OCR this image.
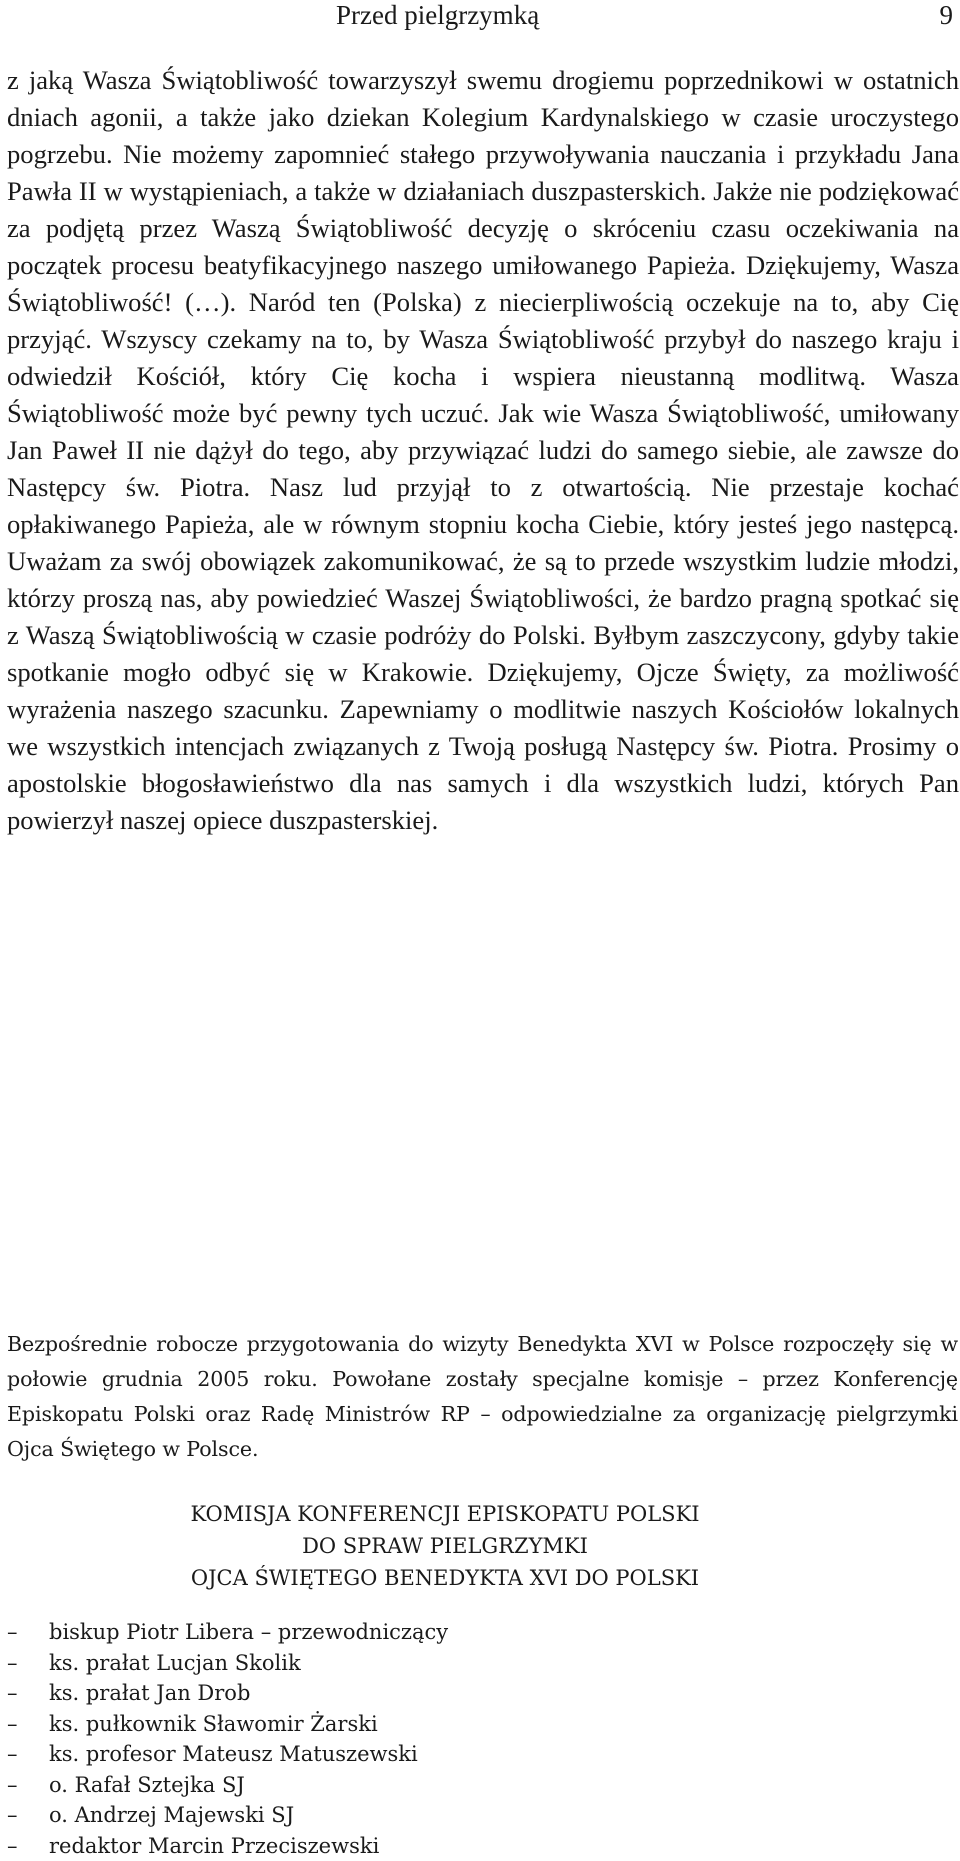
Przed pielgrzymką	9

z jaką Wasza Świątobliwość towarzyszył swemu drogiemu poprzednikowi w ostatnich dniach agonii, a także jako dziekan Kolegium Kardynalskiego w czasie uroczystego pogrzebu. Nie możemy zapomnieć stałego przywoływania nauczania i przykładu Jana Pawła II w wystąpieniach, a także w działaniach duszpasterskich. Jakże nie podziękować za podjętą przez Waszą Świątobliwość decyzję o skróceniu czasu oczekiwania na początek procesu beatyfikacyjnego naszego umiłowanego Papieża. Dziękujemy, Wasza Świątobliwość! (…). Naród ten (Polska) z niecierpliwością oczekuje na to, aby Cię przyjąć. Wszyscy czekamy na to, by Wasza Świątobliwość przybył do naszego kraju i odwiedził Kościół, który Cię kocha i wspiera nieustanną modlitwą. Wasza Świątobliwość może być pewny tych uczuć. Jak wie Wasza Świątobliwość, umiłowany Jan Paweł II nie dążył do tego, aby przywiązać ludzi do samego siebie, ale zawsze do Następcy św. Piotra. Nasz lud przyjął to z otwartością. Nie przestaje kochać opłakiwanego Papieża, ale w równym stopniu kocha Ciebie, który jesteś jego następcą. Uważam za swój obowiązek zakomunikować, że są to przede wszystkim ludzie młodzi, którzy proszą nas, aby powiedzieć Waszej Świątobliwości, że bardzo pragną spotkać się z Waszą Świątobliwością w czasie podróży do Polski. Byłbym zaszczycony, gdyby takie spotkanie mogło odbyć się w Krakowie. Dziękujemy, Ojcze Święty, za możliwość wyrażenia naszego szacunku. Zapewniamy o modlitwie naszych Kościołów lokalnych we wszystkich intencjach związanych z Twoją posługą Następcy św. Piotra. Prosimy o apostolskie błogosławieństwo dla nas samych i dla wszystkich ludzi, których Pan powierzył naszej opiece duszpasterskiej.

Bezpośrednie robocze przygotowania do wizyty Benedykta XVI w Polsce rozpoczęły się w połowie grudnia 2005 roku. Powołane zostały specjalne komisje – przez Konferencję Episkopatu Polski oraz Radę Ministrów RP – odpowiedzialne za organizację pielgrzymki Ojca Świętego w Polsce.

KOMISJA KONFERENCJI EPISKOPATU POLSKI
DO SPRAW PIELGRZYMKI
OJCA ŚWIĘTEGO BENEDYKTA XVI DO POLSKI
–	biskup Piotr Libera – przewodniczący
–	ks. prałat Lucjan Skolik
–	ks. prałat Jan Drob
–	ks. pułkownik Sławomir Żarski
–	ks. profesor Mateusz Matuszewski
–	o. Rafał Sztejka SJ
–	o. Andrzej Majewski SJ
–	redaktor Marcin Przeciszewski
